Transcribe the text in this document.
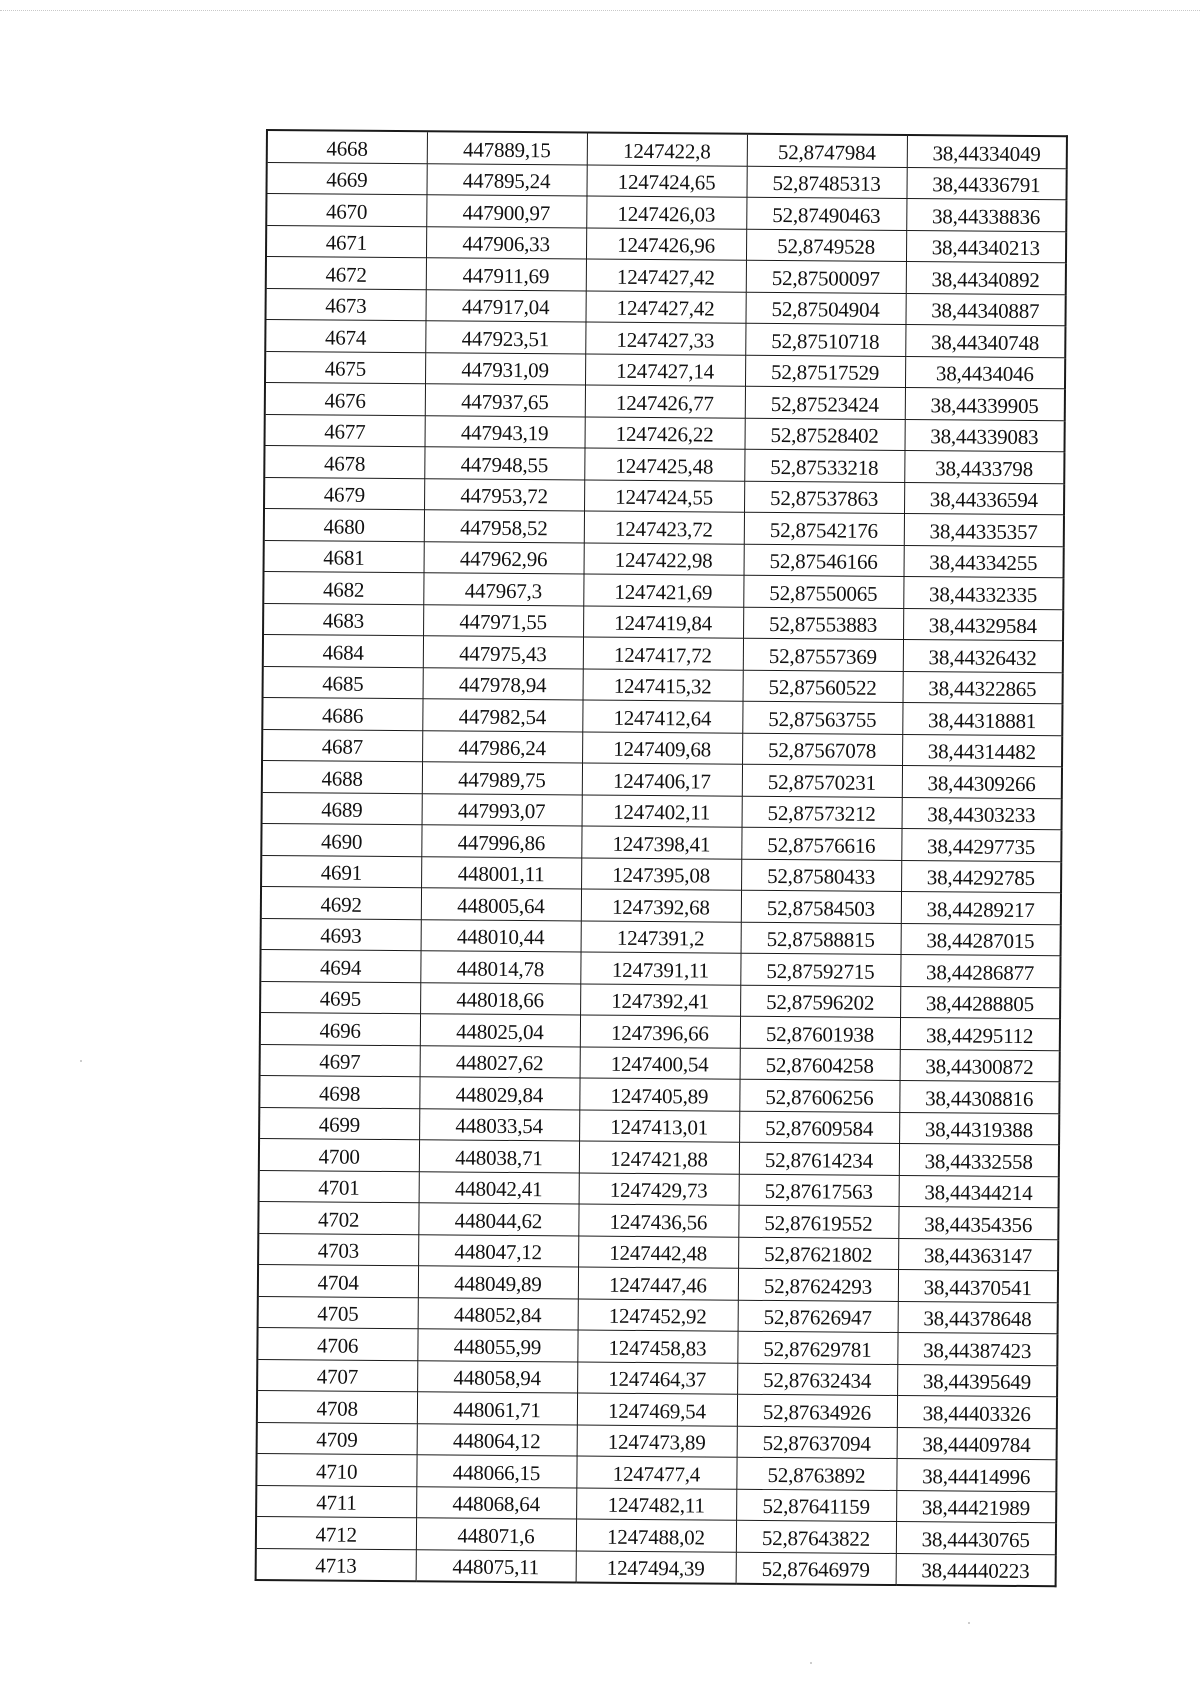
4668	447889,15	1247422,8	52,8747984	38,44334049
4669	447895,24	1247424,65	52,87485313	38,44336791
4670	447900,97	1247426,03	52,87490463	38,44338836
4671	447906,33	1247426,96	52,8749528	38,44340213
4672	447911,69	1247427,42	52,87500097	38,44340892
4673	447917,04	1247427,42	52,87504904	38,44340887
4674	447923,51	1247427,33	52,87510718	38,44340748
4675	447931,09	1247427,14	52,87517529	38,4434046
4676	447937,65	1247426,77	52,87523424	38,44339905
4677	447943,19	1247426,22	52,87528402	38,44339083
4678	447948,55	1247425,48	52,87533218	38,4433798
4679	447953,72	1247424,55	52,87537863	38,44336594
4680	447958,52	1247423,72	52,87542176	38,44335357
4681	447962,96	1247422,98	52,87546166	38,44334255
4682	447967,3	1247421,69	52,87550065	38,44332335
4683	447971,55	1247419,84	52,87553883	38,44329584
4684	447975,43	1247417,72	52,87557369	38,44326432
4685	447978,94	1247415,32	52,87560522	38,44322865
4686	447982,54	1247412,64	52,87563755	38,44318881
4687	447986,24	1247409,68	52,87567078	38,44314482
4688	447989,75	1247406,17	52,87570231	38,44309266
4689	447993,07	1247402,11	52,87573212	38,44303233
4690	447996,86	1247398,41	52,87576616	38,44297735
4691	448001,11	1247395,08	52,87580433	38,44292785
4692	448005,64	1247392,68	52,87584503	38,44289217
4693	448010,44	1247391,2	52,87588815	38,44287015
4694	448014,78	1247391,11	52,87592715	38,44286877
4695	448018,66	1247392,41	52,87596202	38,44288805
4696	448025,04	1247396,66	52,87601938	38,44295112
4697	448027,62	1247400,54	52,87604258	38,44300872
4698	448029,84	1247405,89	52,87606256	38,44308816
4699	448033,54	1247413,01	52,87609584	38,44319388
4700	448038,71	1247421,88	52,87614234	38,44332558
4701	448042,41	1247429,73	52,87617563	38,44344214
4702	448044,62	1247436,56	52,87619552	38,44354356
4703	448047,12	1247442,48	52,87621802	38,44363147
4704	448049,89	1247447,46	52,87624293	38,44370541
4705	448052,84	1247452,92	52,87626947	38,44378648
4706	448055,99	1247458,83	52,87629781	38,44387423
4707	448058,94	1247464,37	52,87632434	38,44395649
4708	448061,71	1247469,54	52,87634926	38,44403326
4709	448064,12	1247473,89	52,87637094	38,44409784
4710	448066,15	1247477,4	52,8763892	38,44414996
4711	448068,64	1247482,11	52,87641159	38,44421989
4712	448071,6	1247488,02	52,87643822	38,44430765
4713	448075,11	1247494,39	52,87646979	38,44440223
